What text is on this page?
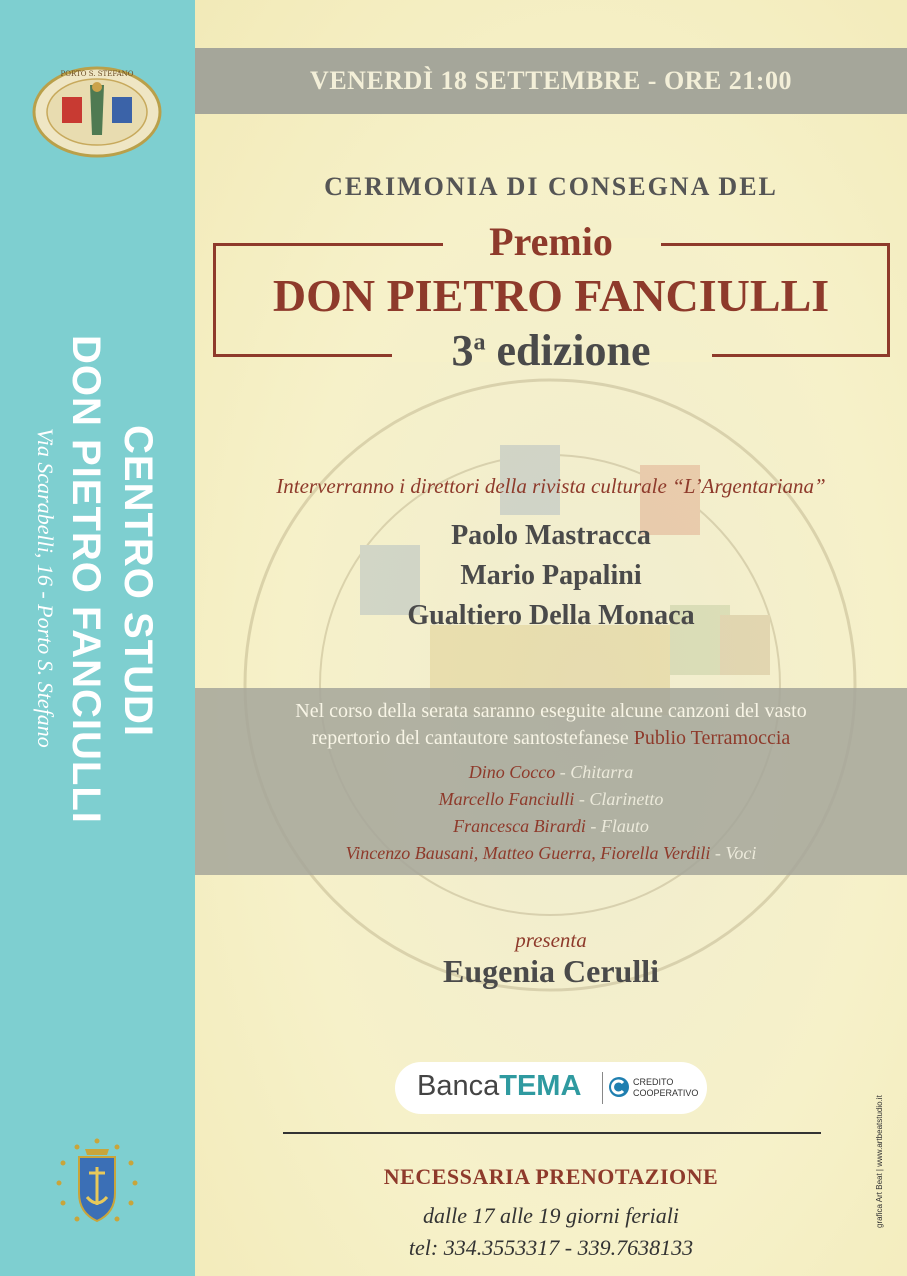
PORTO S. STEFANO
CENTRO STUDI
DON PIETRO FANCIULLI
Via Scarabelli, 16 - Porto S. Stefano
VENERDÌ 18 SETTEMBRE - ORE 21:00
CERIMONIA DI CONSEGNA DEL
Premio
DON PIETRO FANCIULLI
3$^a$ edizione
Interverranno i direttori della rivista culturale “L’Argentariana”
Paolo Mastracca
Mario Papalini
Gualtiero Della Monaca
Nel corso della serata saranno eseguite alcune canzoni del vasto
repertorio del cantautore santostefanese Publio Terramoccia
Dino Cocco - Chitarra
Marcello Fanciulli - Clarinetto
Francesca Birardi - Flauto
Vincenzo Bausani, Matteo Guerra, Fiorella Verdili - Voci
presenta
Eugenia Cerulli
BancaTEMA	CREDITO
COOPERATIVO
NECESSARIA PRENOTAZIONE
dalle 17 alle 19 giorni feriali
tel: 334.3553317 - 339.7638133
grafica Art Beat | www.artbeatstudio.it
